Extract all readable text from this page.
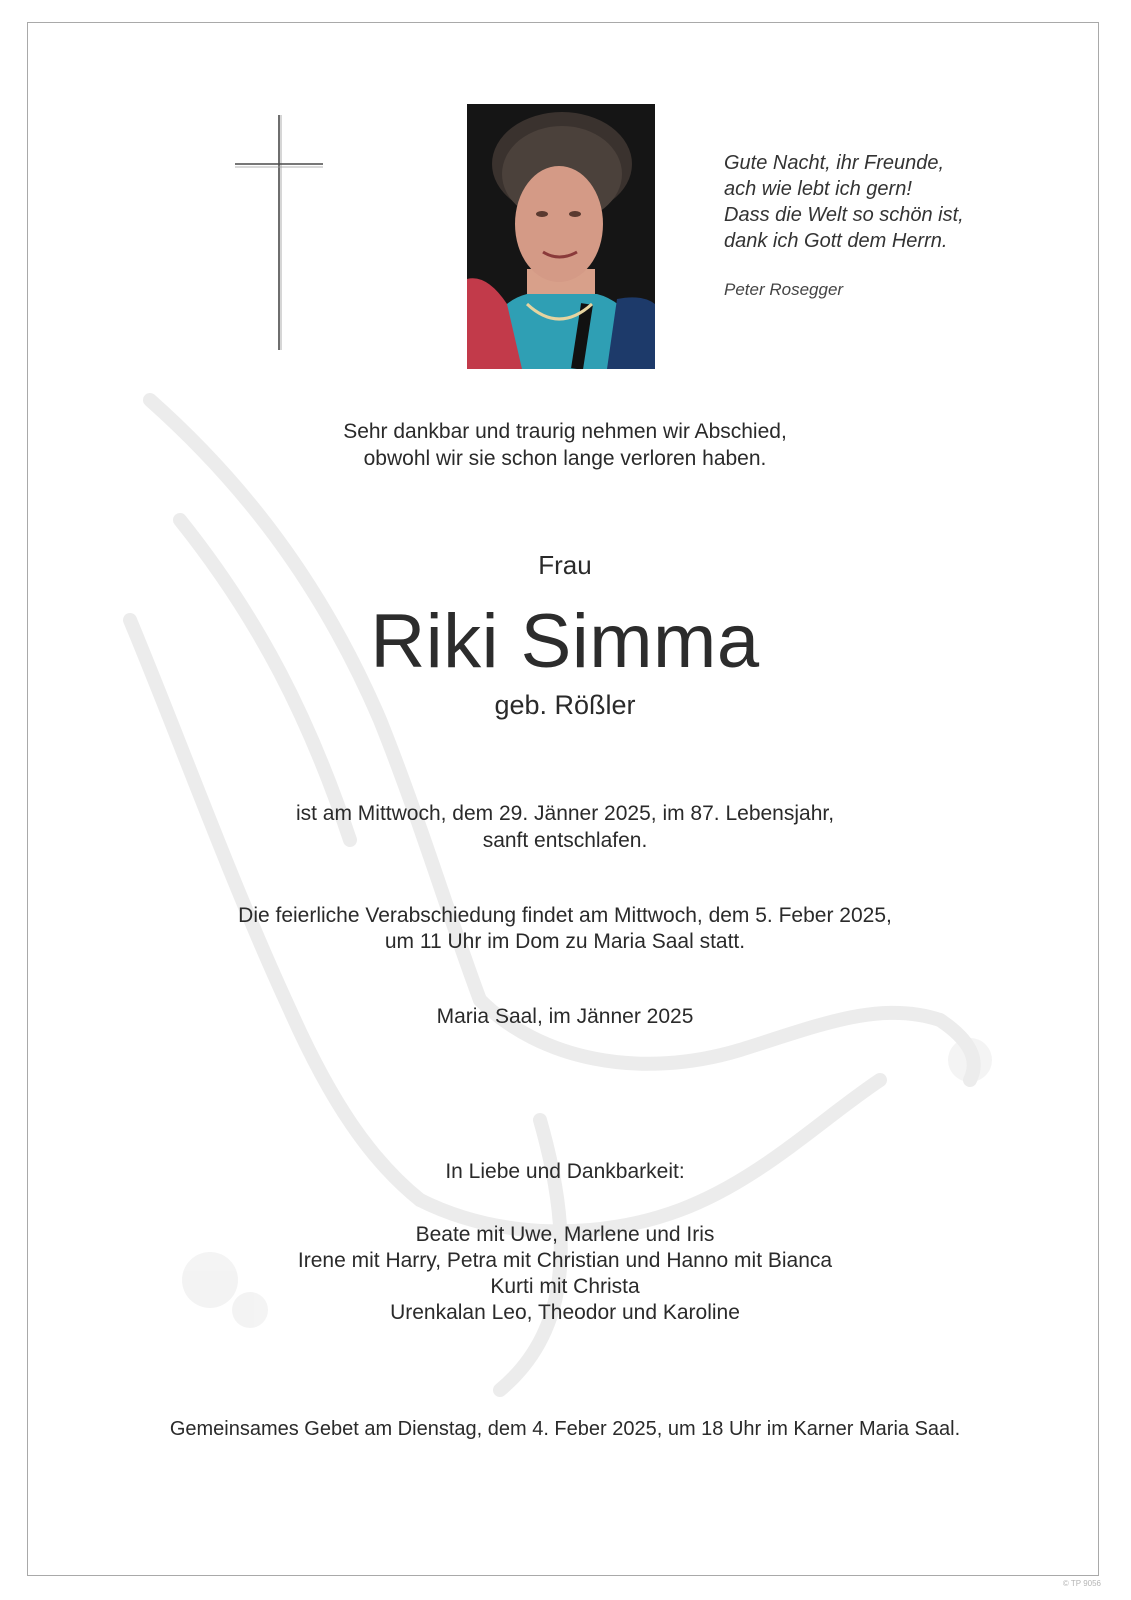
Gute Nacht, ihr Freunde,
ach wie lebt ich gern!
Dass die Welt so schön ist,
dank ich Gott dem Herrn.
Peter Rosegger
Sehr dankbar und traurig nehmen wir Abschied,
obwohl wir sie schon lange verloren haben.
Frau
Riki Simma
geb. Rößler
ist am Mittwoch, dem 29. Jänner 2025, im 87. Lebensjahr,
sanft entschlafen.
Die feierliche Verabschiedung findet am Mittwoch, dem 5. Feber 2025,
um 11 Uhr im Dom zu Maria Saal statt.
Maria Saal, im Jänner 2025
In Liebe und Dankbarkeit:
Beate mit Uwe, Marlene und Iris
Irene mit Harry, Petra mit Christian und Hanno mit Bianca
Kurti mit Christa
Urenkalan Leo, Theodor und Karoline
Gemeinsames Gebet am Dienstag, dem 4. Feber 2025, um 18 Uhr im Karner Maria Saal.
© TP 9056
